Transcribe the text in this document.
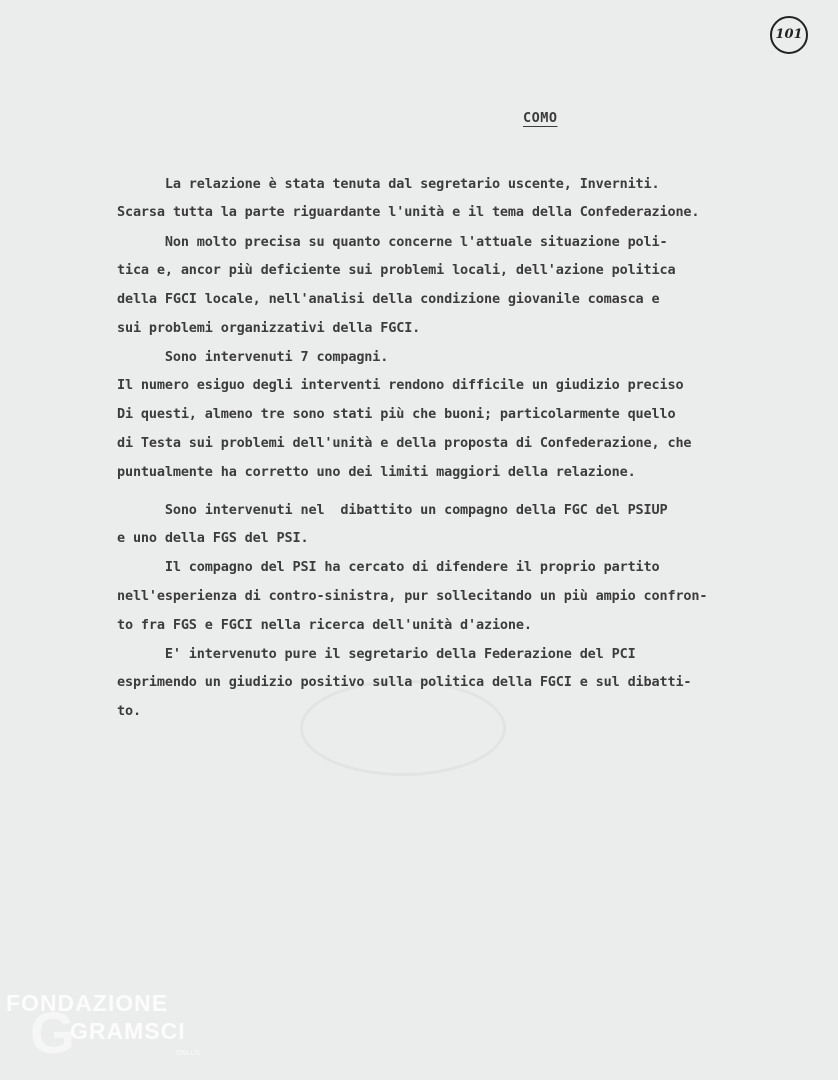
101
COMO
La relazione è stata tenuta dal segretario uscente, Inverniti.
Scarsa tutta la parte riguardante l'unità e il tema della Confederazione.
Non molto precisa su quanto concerne l'attuale situazione poli-
tica e, ancor più deficiente sui problemi locali, dell'azione politica
della FGCI locale, nell'analisi della condizione giovanile comasca e
sui problemi organizzativi della FGCI.
Sono intervenuti 7 compagni.
Il numero esiguo degli interventi rendono difficile un giudizio preciso
Di questi, almeno tre sono stati più che buoni; particolarmente quello
di Testa sui problemi dell'unità e della proposta di Confederazione, che
puntualmente ha corretto uno dei limiti maggiori della relazione.
Sono intervenuti nel  dibattito un compagno della FGC del PSIUP
e uno della FGS del PSI.
Il compagno del PSI ha cercato di difendere il proprio partito
nell'esperienza di contro-sinistra, pur sollecitando un più ampio confron-
to fra FGS e FGCI nella ricerca dell'unità d'azione.
E' intervenuto pure il segretario della Federazione del PCI
esprimendo un giudizio positivo sulla politica della FGCI e sul dibatti-
to.
FONDAZIONE
G
GRAMSCI
ONLUS
